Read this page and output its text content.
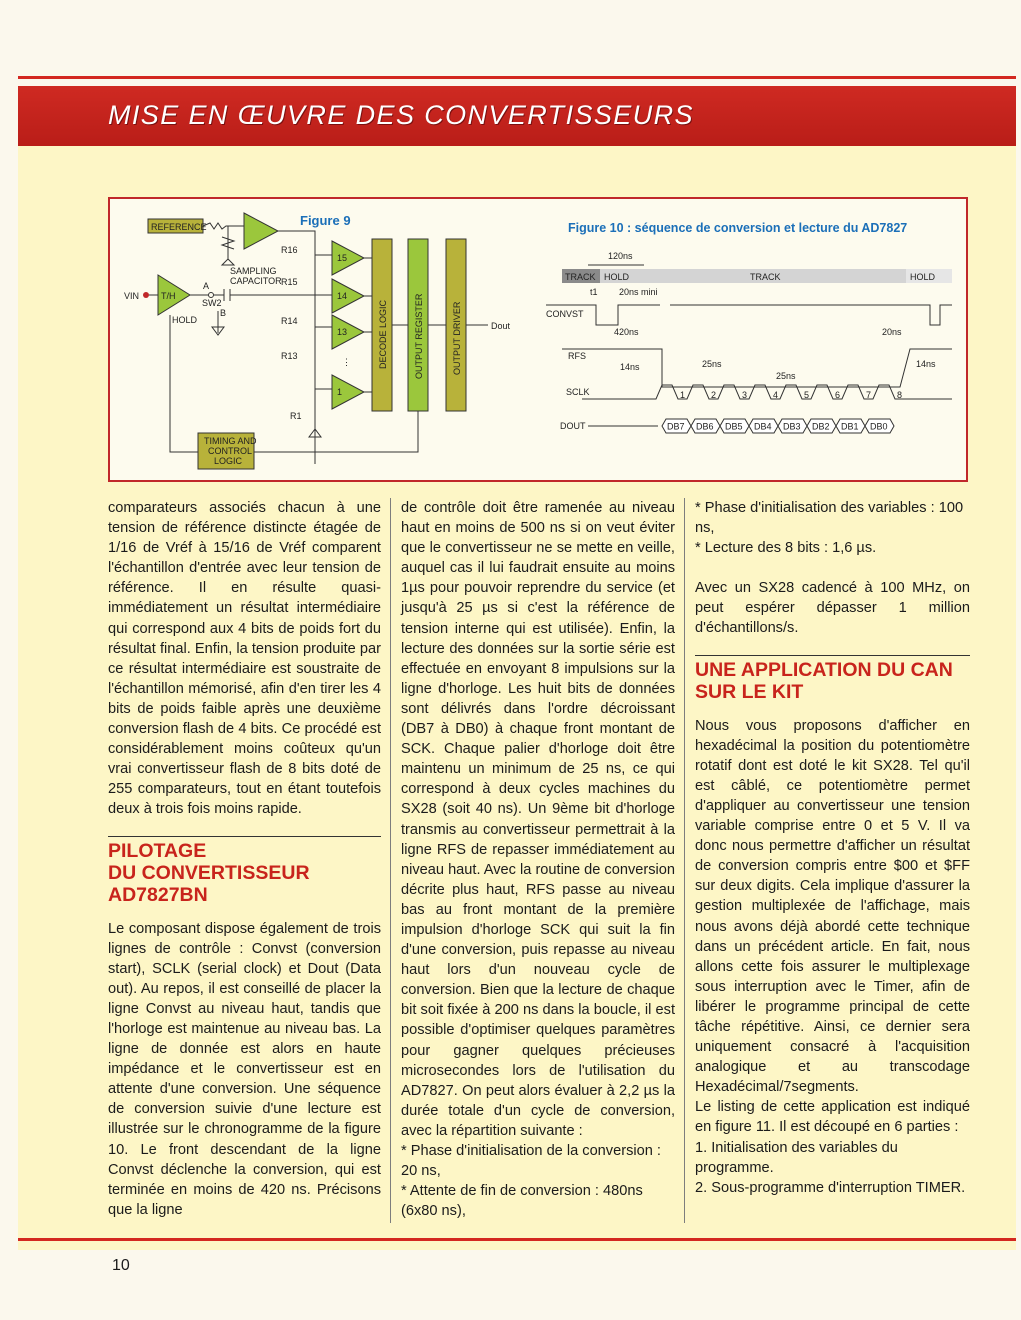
MISE EN ŒUVRE DES CONVERTISSEURS
Figure 9
REFERENCE
R16
R15
R14
R13
R1
VIN T/H
HOLD
A
B
SW2
SAMPLING
CAPACITOR
15
14
13
1
⋮	DECODE LOGIC	OUTPUT REGISTER	OUTPUT DRIVER	Dout
TIMING AND
CONTROL
LOGIC
Figure 10 : séquence de conversion et lecture du AD7827
120ns
TRACK HOLD	TRACK	HOLD
t1 20ns mini
CONVST
420ns	20ns
RFS
14ns	25ns
25ns
14ns
SCLK	1	2	3	4	5	6	7	8
DOUT	DB7 DB6 DB5 DB4 DB3 DB2 DB1 DB0

comparateurs associés chacun à une tension de référence distincte étagée de 1/16 de Vréf à 15/16 de Vréf comparent l'échantillon d'entrée avec leur tension de référence. Il en résulte quasi-immédiatement un résultat intermédiaire qui correspond aux 4 bits de poids fort du résultat final. Enfin, la tension produite par ce résultat intermédiaire est soustraite de l'échantillon mémorisé, afin d'en tirer les 4 bits de poids faible après une deuxième conversion flash de 4 bits. Ce procédé est considérablement moins coûteux qu'un vrai convertisseur flash de 8 bits doté de 255 comparateurs, tout en étant toutefois deux à trois fois moins rapide.

PILOTAGE
DU CONVERTISSEUR
AD7827BN

Le composant dispose également de trois lignes de contrôle : Convst (conversion start), SCLK (serial clock) et Dout (Data out). Au repos, il est conseillé de placer la ligne Convst au niveau haut, tandis que l'horloge est maintenue au niveau bas. La ligne de donnée est alors en haute impédance et le convertisseur est en attente d'une conversion. Une séquence de conversion suivie d'une lecture est illustrée sur le chronogramme de la figure 10. Le front descendant de la ligne Convst déclenche la conversion, qui est terminée en moins de 420 ns. Précisons que la ligne

de contrôle doit être ramenée au niveau haut en moins de 500 ns si on veut éviter que le convertisseur ne se mette en veille, auquel cas il lui faudrait ensuite au moins 1µs pour pouvoir reprendre du service (et jusqu'à 25 µs si c'est la référence de tension interne qui est utilisée). Enfin, la lecture des données sur la sortie série est effectuée en envoyant 8 impulsions sur la ligne d'horloge. Les huit bits de données sont délivrés dans l'ordre décroissant (DB7 à DB0) à chaque front montant de SCK. Chaque palier d'horloge doit être maintenu un minimum de 25 ns, ce qui correspond à deux cycles machines du SX28 (soit 40 ns). Un 9ème bit d'horloge transmis au convertisseur permettrait à la ligne RFS de repasser immédiatement au niveau haut. Avec la routine de conversion décrite plus haut, RFS passe au niveau bas au front montant de la première impulsion d'horloge SCK qui suit la fin d'une conversion, puis repasse au niveau haut lors d'un nouveau cycle de conversion. Bien que la lecture de chaque bit soit fixée à 200 ns dans la boucle, il est possible d'optimiser quelques paramètres pour gagner quelques précieuses microsecondes lors de l'utilisation du AD7827. On peut alors évaluer à 2,2 µs la durée totale d'un cycle de conversion, avec la répartition suivante :

* Phase d'initialisation de la conversion : 20 ns,
* Attente de fin de conversion : 480ns (6x80 ns),
* Phase d'initialisation des variables : 100 ns,
* Lecture des 8 bits : 1,6 µs.

Avec un SX28 cadencé à 100 MHz, on peut espérer dépasser 1 million d'échantillons/s.

UNE APPLICATION DU CAN
SUR LE KIT

Nous vous proposons d'afficher en hexadécimal la position du potentiomètre rotatif dont est doté le kit SX28. Tel qu'il est câblé, ce potentiomètre permet d'appliquer au convertisseur une tension variable comprise entre 0 et 5 V. Il va donc nous permettre d'afficher un résultat de conversion compris entre $00 et $FF sur deux digits. Cela implique d'assurer la gestion multiplexée de l'affichage, mais nous avons déjà abordé cette technique dans un précédent article. En fait, nous allons cette fois assurer le multiplexage sous interruption avec le Timer, afin de libérer le programme principal de cette tâche répétitive. Ainsi, ce dernier sera uniquement consacré à l'acquisition analogique et au transcodage Hexadécimal/7segments.

Le listing de cette application est indiqué en figure 11. Il est découpé en 6 parties :

1. Initialisation des variables du programme.
2. Sous-programme d'interruption TIMER.
10
